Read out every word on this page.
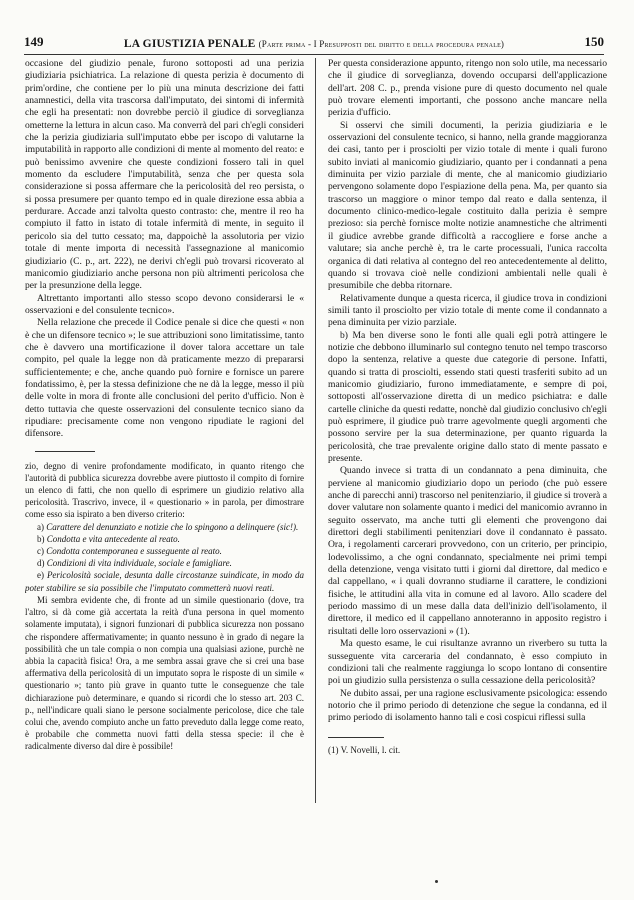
149	LA GIUSTIZIA PENALE (Parte prima - I Presupposti del diritto e della procedura penale)	150

occasione del giudizio penale, furono sottoposti ad una perizia giudiziaria psichiatrica. La relazione di questa perizia è documento di prim'ordine, che contiene per lo più una minuta descrizione dei fatti anamnestici, della vita trascorsa dall'imputato, dei sintomi di infermità che egli ha presentati: non dovrebbe perciò il giudice di sorveglianza ometterne la lettura in alcun caso. Ma converrà del pari ch'egli consideri che la perizia giudiziaria sull'imputato ebbe per iscopo di valutarne la imputabilità in rapporto alle condizioni di mente al momento del reato: e può benissimo avvenire che queste condizioni fossero tali in quel momento da escludere l'imputabilità, senza che per questa sola considerazione si possa affermare che la pericolosità del reo persista, o si possa presumere per quanto tempo ed in quale direzione essa abbia a perdurare. Accade anzi talvolta questo contrasto: che, mentre il reo ha compiuto il fatto in istato di totale infermità di mente, in seguito il pericolo sia del tutto cessato; ma, dappoichè la assolutoria per vizio totale di mente importa di necessità l'assegnazione al manicomio giudiziario (C. p., art. 222), ne derivi ch'egli può trovarsi ricoverato al manicomio giudiziario anche persona non più altrimenti pericolosa che per la presunzione della legge.

Altrettanto importanti allo stesso scopo devono considerarsi le « osservazioni e del consulente tecnico».

Nella relazione che precede il Codice penale si dice che questi « non è che un difensore tecnico »; le sue attribuzioni sono limitatissime, tanto che è davvero una mortificazione il dover talora accettare un tale compito, pel quale la legge non dà praticamente mezzo di prepararsi sufficientemente; e che, anche quando può fornire e fornisce un parere fondatissimo, è, per la stessa definizione che ne dà la legge, messo il più delle volte in mora di fronte alle conclusioni del perito d'ufficio. Non è detto tuttavia che queste osservazioni del consulente tecnico siano da ripudiare: precisamente come non vengono ripudiate le ragioni del difensore.

zio, degno di venire profondamente modificato, in quanto ritengo che l'autorità di pubblica sicurezza dovrebbe avere piuttosto il compito di fornire un elenco di fatti, che non quello di esprimere un giudizio relativo alla pericolosità. Trascrivo, invece, il « questionario » in parola, per dimostrare come esso sia ispirato a ben diverso criterio:

a) Carattere del denunziato e notizie che lo spingono a delinquere (sic!).
b) Condotta e vita antecedente al reato.
c) Condotta contemporanea e susseguente al reato.
d) Condizioni di vita individuale, sociale e famigliare.
e) Pericolosità sociale, desunta dalle circostanze suindicate, in modo da poter stabilire se sia possibile che l'imputato commetterà nuovi reati.

Mi sembra evidente che, di fronte ad un simile questionario (dove, tra l'altro, si dà come già accertata la reità d'una persona in quel momento solamente imputata), i signori funzionari di pubblica sicurezza non possano che rispondere affermativamente; in quanto nessuno è in grado di negare la possibilità che un tale compia o non compia una qualsiasi azione, purchè ne abbia la capacità fisica! Ora, a me sembra assai grave che si crei una base affermativa della pericolosità di un imputato sopra le risposte di un simile « questionario »; tanto più grave in quanto tutte le conseguenze che tale dichiarazione può determinare, e quando si ricordi che lo stesso art. 203 C. p., nell'indicare quali siano le persone socialmente pericolose, dice che tale colui che, avendo compiuto anche un fatto preveduto dalla legge come reato, è probabile che commetta nuovi fatti della stessa specie: il che è radicalmente diverso dal dire è possibile!

Per questa considerazione appunto, ritengo non solo utile, ma necessario che il giudice di sorveglianza, dovendo occuparsi dell'applicazione dell'art. 208 C. p., prenda visione pure di questo documento nel quale può trovare elementi importanti, che possono anche mancare nella perizia d'ufficio.

Si osservi che simili documenti, la perizia giudiziaria e le osservazioni del consulente tecnico, si hanno, nella grande maggioranza dei casi, tanto per i prosciolti per vizio totale di mente i quali furono subito inviati al manicomio giudiziario, quanto per i condannati a pena diminuita per vizio parziale di mente, che al manicomio giudiziario pervengono solamente dopo l'espiazione della pena. Ma, per quanto sia trascorso un maggiore o minor tempo dal reato e dalla sentenza, il documento clinico-medico-legale costituito dalla perizia è sempre prezioso: sia perchè fornisce molte notizie anamnestiche che altrimenti il giudice avrebbe grande difficoltà a raccogliere e forse anche a valutare; sia anche perchè è, tra le carte processuali, l'unica raccolta organica di dati relativa al contegno del reo antecedentemente al delitto, quando si trovava cioè nelle condizioni ambientali nelle quali è presumibile che debba ritornare.

Relativamente dunque a questa ricerca, il giudice trova in condizioni simili tanto il prosciolto per vizio totale di mente come il condannato a pena diminuita per vizio parziale.

b) Ma ben diverse sono le fonti alle quali egli potrà attingere le notizie che debbono illuminarlo sul contegno tenuto nel tempo trascorso dopo la sentenza, relative a queste due categorie di persone. Infatti, quando si tratta di prosciolti, essendo stati questi trasferiti subito ad un manicomio giudiziario, furono immediatamente, e sempre di poi, sottoposti all'osservazione diretta di un medico psichiatra: e dalle cartelle cliniche da questi redatte, nonchè dal giudizio conclusivo ch'egli può esprimere, il giudice può trarre agevolmente quegli argomenti che possono servire per la sua determinazione, per quanto riguarda la pericolosità, che trae prevalente origine dallo stato di mente passato e presente.

Quando invece si tratta di un condannato a pena diminuita, che perviene al manicomio giudiziario dopo un periodo (che può essere anche di parecchi anni) trascorso nel penitenziario, il giudice si troverà a dover valutare non solamente quanto i medici del manicomio avranno in seguito osservato, ma anche tutti gli elementi che provengono dai direttori degli stabilimenti penitenziari dove il condannato è passato. Ora, i regolamenti carcerari provvedono, con un criterio, per principio, lodevolissimo, a che ogni condannato, specialmente nei primi tempi della detenzione, venga visitato tutti i giorni dal direttore, dal medico e dal cappellano, « i quali dovranno studiarne il carattere, le condizioni fisiche, le attitudini alla vita in comune ed al lavoro. Allo scadere del periodo massimo di un mese dalla data dell'inizio dell'isolamento, il direttore, il medico ed il cappellano annoteranno in apposito registro i risultati delle loro osservazioni » (1).

Ma questo esame, le cui risultanze avranno un riverbero su tutta la susseguente vita carceraria del condannato, è esso compiuto in condizioni tali che realmente raggiunga lo scopo lontano di consentire poi un giudizio sulla persistenza o sulla cessazione della pericolosità?

Ne dubito assai, per una ragione esclusivamente psicologica: essendo notorio che il primo periodo di detenzione che segue la condanna, ed il primo periodo di isolamento hanno tali e così cospicui riflessi sulla

(1) V. Novelli, l. cit.
